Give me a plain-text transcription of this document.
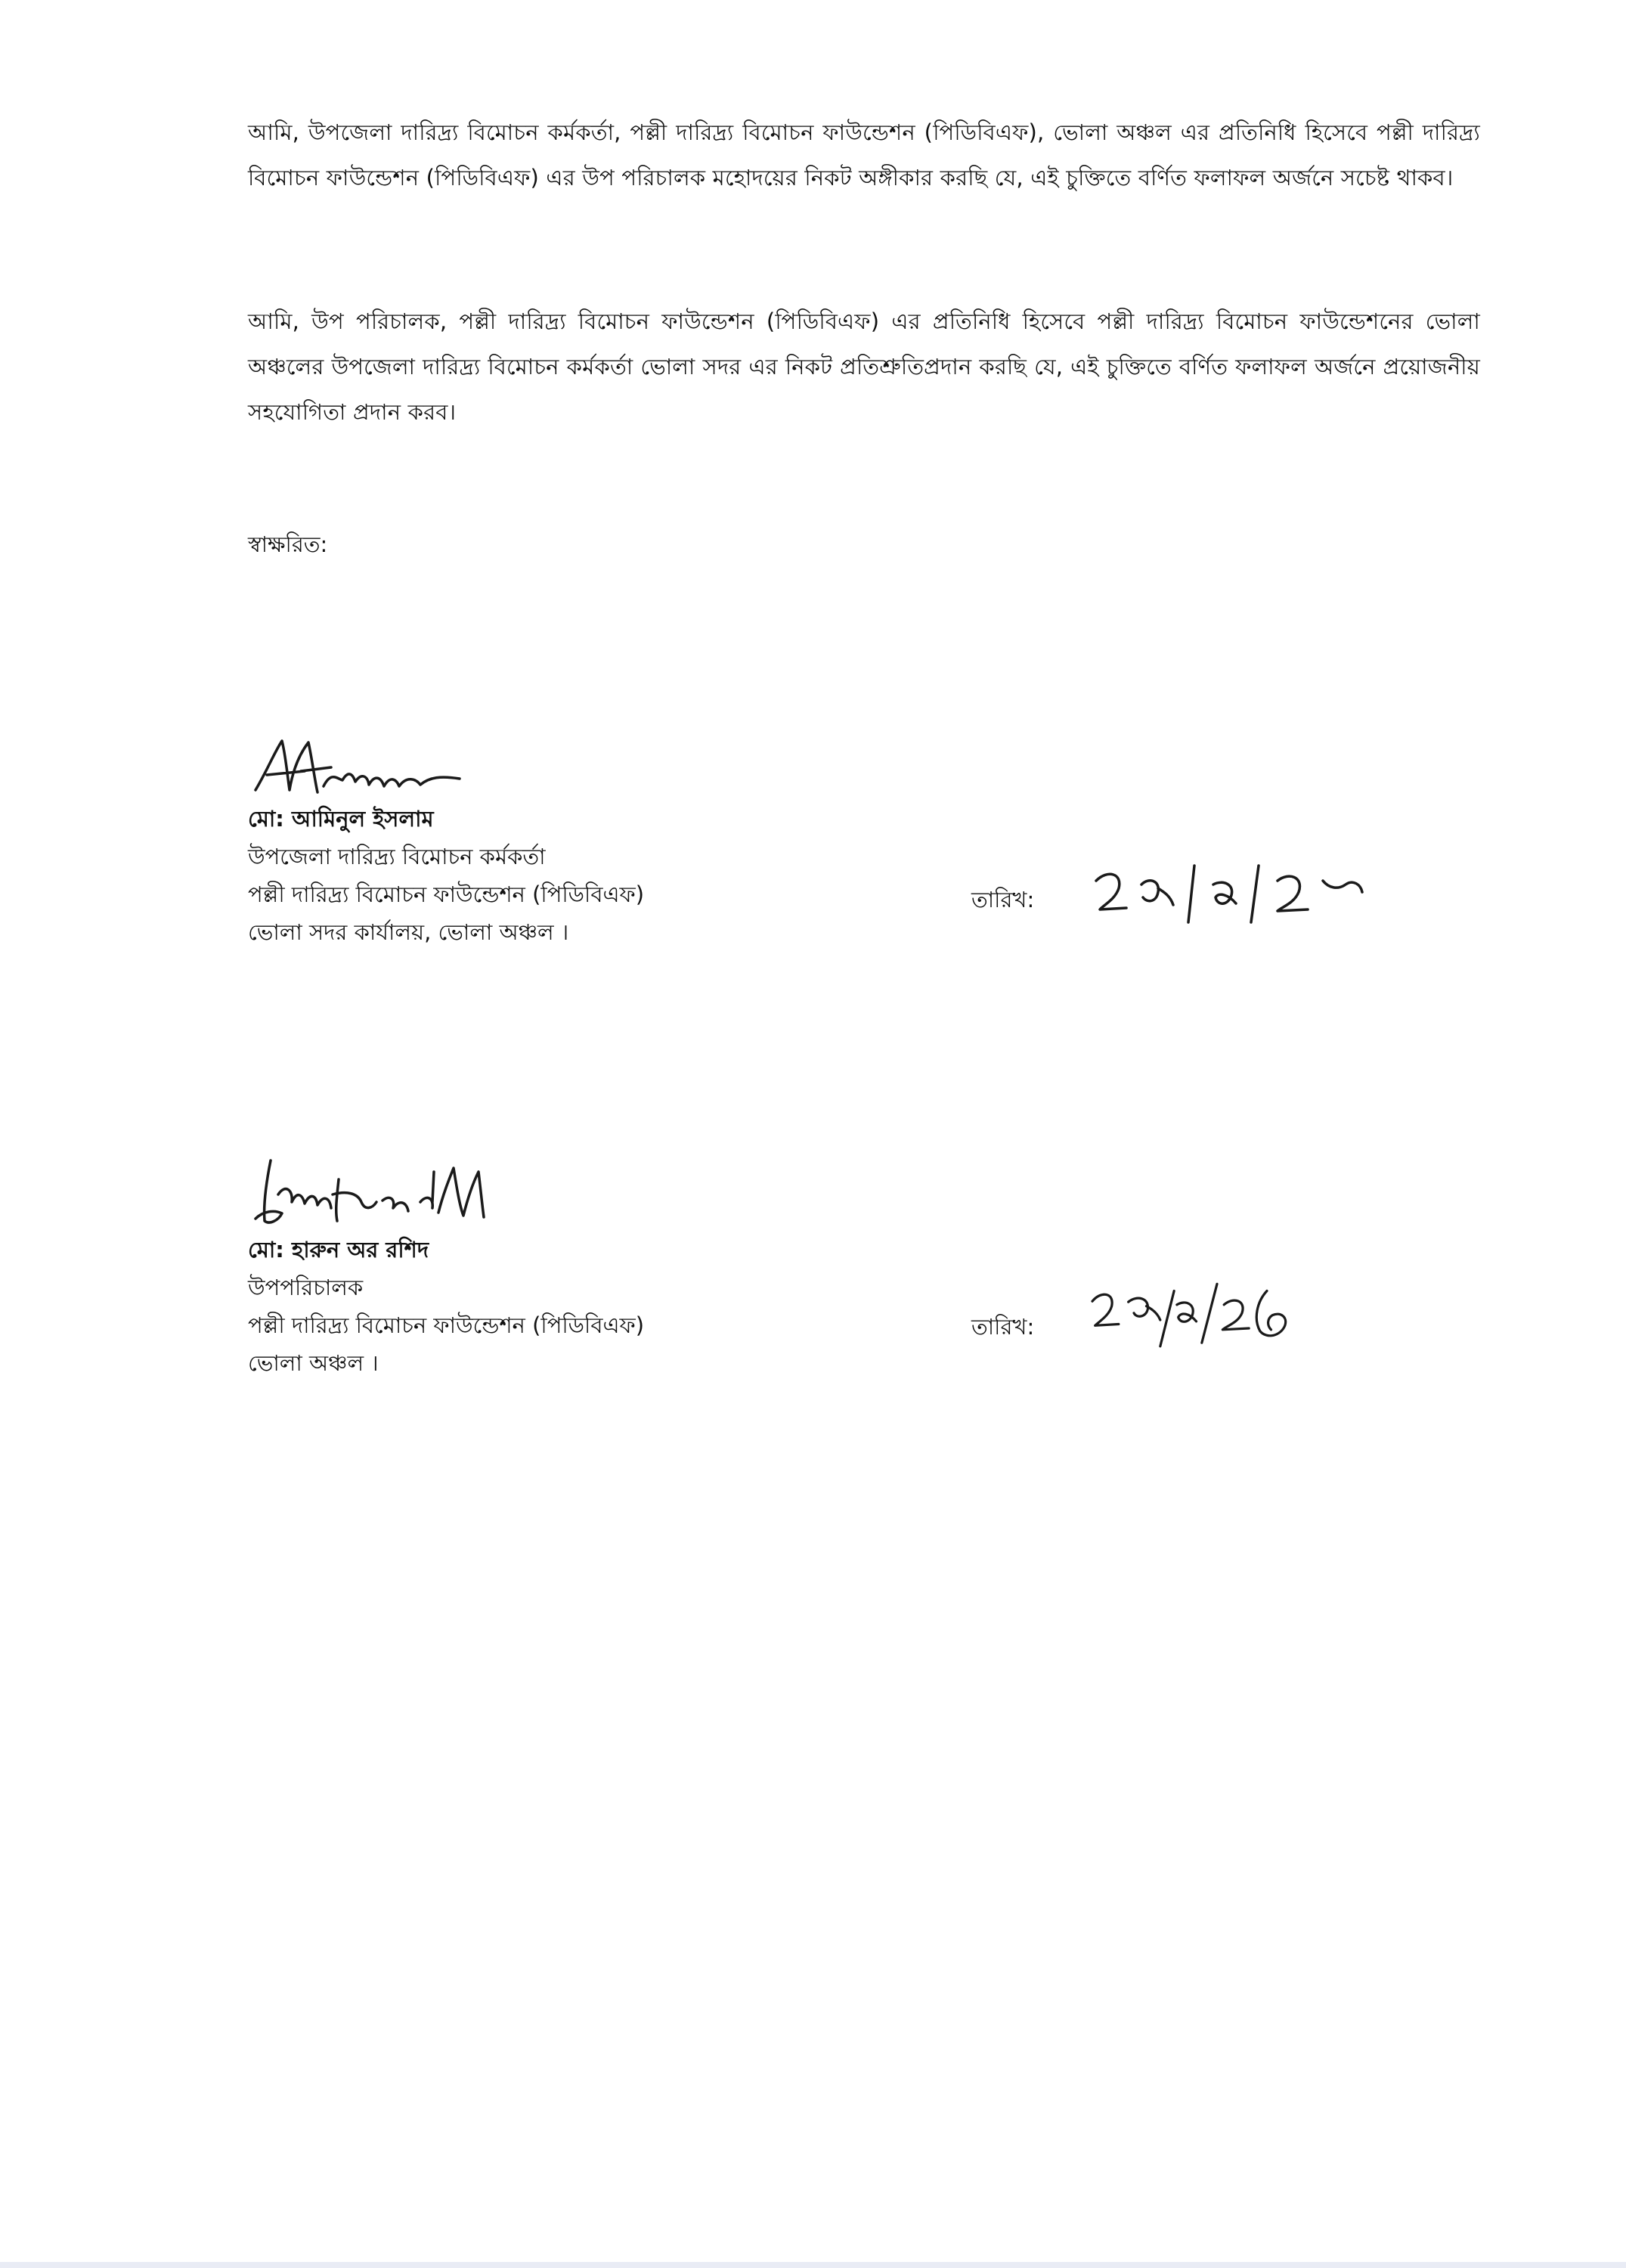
আমি, উপজেলা দারিদ্র্য বিমোচন কর্মকর্তা, পল্লী দারিদ্র্য বিমোচন ফাউন্ডেশন (পিডিবিএফ), ভোলা অঞ্চল এর প্রতিনিধি হিসেবে পল্লী দারিদ্র্য বিমোচন ফাউন্ডেশন (পিডিবিএফ) এর উপ পরিচালক মহোদয়ের নিকট অঙ্গীকার করছি যে, এই চুক্তিতে বর্ণিত ফলাফল অর্জনে সচেষ্ট থাকব।

আমি, উপ পরিচালক, পল্লী দারিদ্র্য বিমোচন ফাউন্ডেশন (পিডিবিএফ) এর প্রতিনিধি হিসেবে পল্লী দারিদ্র্য বিমোচন ফাউন্ডেশনের ভোলা অঞ্চলের উপজেলা দারিদ্র্য বিমোচন কর্মকর্তা ভোলা সদর এর নিকট প্রতিশ্রুতিপ্রদান করছি যে, এই চুক্তিতে বর্ণিত ফলাফল অর্জনে প্রয়োজনীয় সহযোগিতা প্রদান করব।

স্বাক্ষরিত:
মো: আমিনুল ইসলাম
উপজেলা দারিদ্র্য বিমোচন কর্মকর্তা
পল্লী দারিদ্র্য বিমোচন ফাউন্ডেশন (পিডিবিএফ)
ভোলা সদর কার্যালয়, ভোলা অঞ্চল ।
তারিখ:
মো: হারুন অর রশিদ
উপপরিচালক
পল্লী দারিদ্র্য বিমোচন ফাউন্ডেশন (পিডিবিএফ)
ভোলা অঞ্চল ।
তারিখ:
